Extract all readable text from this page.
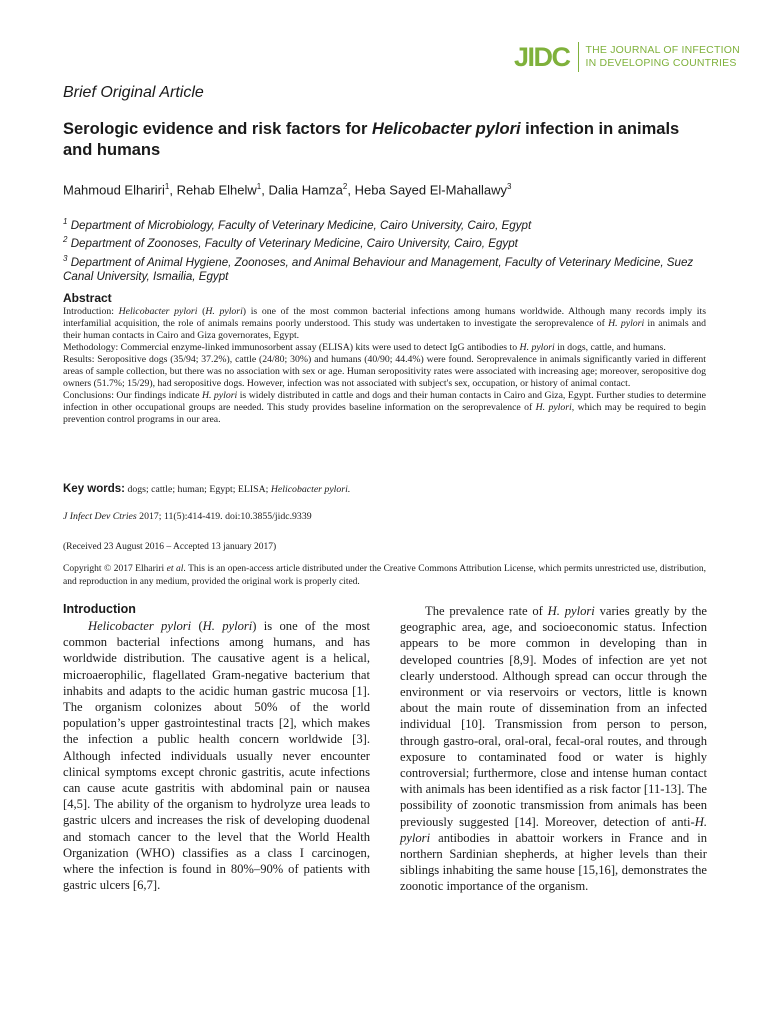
JIDC THE JOURNAL OF INFECTION
IN DEVELOPING COUNTRIES
Brief Original Article
Serologic evidence and risk factors for Helicobacter pylori infection in animals and humans
Mahmoud Elhariri$^1$, Rehab Elhelw$^1$, Dalia Hamza$^2$, Heba Sayed El-Mahallawy$^3$

$^1$ Department of Microbiology, Faculty of Veterinary Medicine, Cairo University, Cairo, Egypt

$^2$ Department of Zoonoses, Faculty of Veterinary Medicine, Cairo University, Cairo, Egypt

$^3$ Department of Animal Hygiene, Zoonoses, and Animal Behaviour and Management, Faculty of Veterinary Medicine, Suez Canal University, Ismailia, Egypt

Abstract

Introduction: Helicobacter pylori (H. pylori) is one of the most common bacterial infections among humans worldwide. Although many records imply its interfamilial acquisition, the role of animals remains poorly understood. This study was undertaken to investigate the seroprevalence of H. pylori in animals and their human contacts in Cairo and Giza governorates, Egypt.

Methodology: Commercial enzyme-linked immunosorbent assay (ELISA) kits were used to detect IgG antibodies to H. pylori in dogs, cattle, and humans.

Results: Seropositive dogs (35/94; 37.2%), cattle (24/80; 30%) and humans (40/90; 44.4%) were found. Seroprevalence in animals significantly varied in different areas of sample collection, but there was no association with sex or age. Human seropositivity rates were associated with increasing age; moreover, seropositive dog owners (51.7%; 15/29), had seropositive dogs. However, infection was not associated with subject's sex, occupation, or history of animal contact.

Conclusions: Our findings indicate H. pylori is widely distributed in cattle and dogs and their human contacts in Cairo and Giza, Egypt. Further studies to determine infection in other occupational groups are needed. This study provides baseline information on the seroprevalence of H. pylori, which may be required to begin prevention control programs in our area.

Key words: dogs; cattle; human; Egypt; ELISA; Helicobacter pylori.
J Infect Dev Ctries 2017; 11(5):414-419. doi:10.3855/jidc.9339
(Received 23 August 2016 – Accepted 13 january 2017)
Copyright © 2017 Elhariri et al. This is an open-access article distributed under the Creative Commons Attribution License, which permits unrestricted use, distribution, and reproduction in any medium, provided the original work is properly cited.
Introduction

Helicobacter pylori (H. pylori) is one of the most common bacterial infections among humans, and has worldwide distribution. The causative agent is a helical, microaerophilic, flagellated Gram-negative bacterium that inhabits and adapts to the acidic human gastric mucosa [1]. The organism colonizes about 50% of the world population’s upper gastrointestinal tracts [2], which makes the infection a public health concern worldwide [3]. Although infected individuals usually never encounter clinical symptoms except chronic gastritis, acute infections can cause acute gastritis with abdominal pain or nausea [4,5]. The ability of the organism to hydrolyze urea leads to gastric ulcers and increases the risk of developing duodenal and stomach cancer to the level that the World Health Organization (WHO) classifies as a class I carcinogen, where the infection is found in 80%–90% of patients with gastric ulcers [6,7].

The prevalence rate of H. pylori varies greatly by the geographic area, age, and socioeconomic status. Infection appears to be more common in developing than in developed countries [8,9]. Modes of infection are yet not clearly understood. Although spread can occur through the environment or via reservoirs or vectors, little is known about the main route of dissemination from an infected individual [10]. Transmission from person to person, through gastro-oral, oral-oral, fecal-oral routes, and through exposure to contaminated food or water is highly controversial; furthermore, close and intense human contact with animals has been identified as a risk factor [11-13]. The possibility of zoonotic transmission from animals has been previously suggested [14]. Moreover, detection of anti-H. pylori antibodies in abattoir workers in France and in northern Sardinian shepherds, at higher levels than their siblings inhabiting the same house [15,16], demonstrates the zoonotic importance of the organism.
